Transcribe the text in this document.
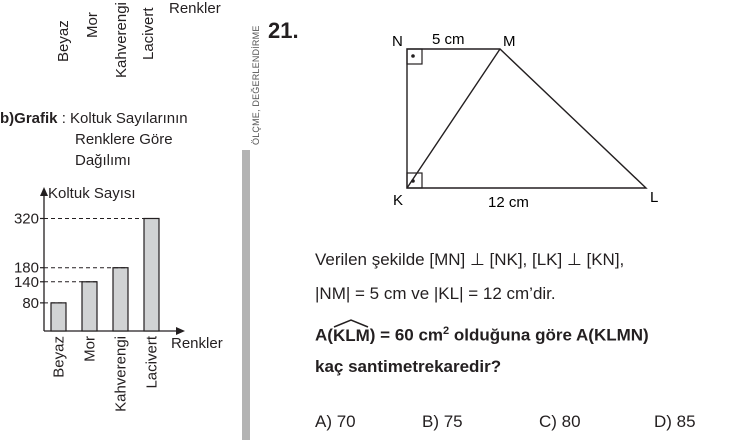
Beyaz Mor Kahverengi Lacivert Renkler
ÖLÇME, DEĞERLENDİRME
b)Grafik : Koltuk Sayılarının
Renklere Göre
Dağılımı
Koltuk Sayısı
Renkler
Beyaz Mor Kahverengi Lacivert
80
140
180
320
21.	N	M
K	L
5 cm
12 cm
Verilen şekilde [MN] ⊥ [NK], [LK] ⊥ [KN],
|NM| = 5 cm ve |KL| = 12 cm’dir.
A(
KLM) = 60 $cm^2$ olduğuna göre A(KLMN)
kaç santimetrekaredir?
A) 70	B) 75	C) 80	D) 85
